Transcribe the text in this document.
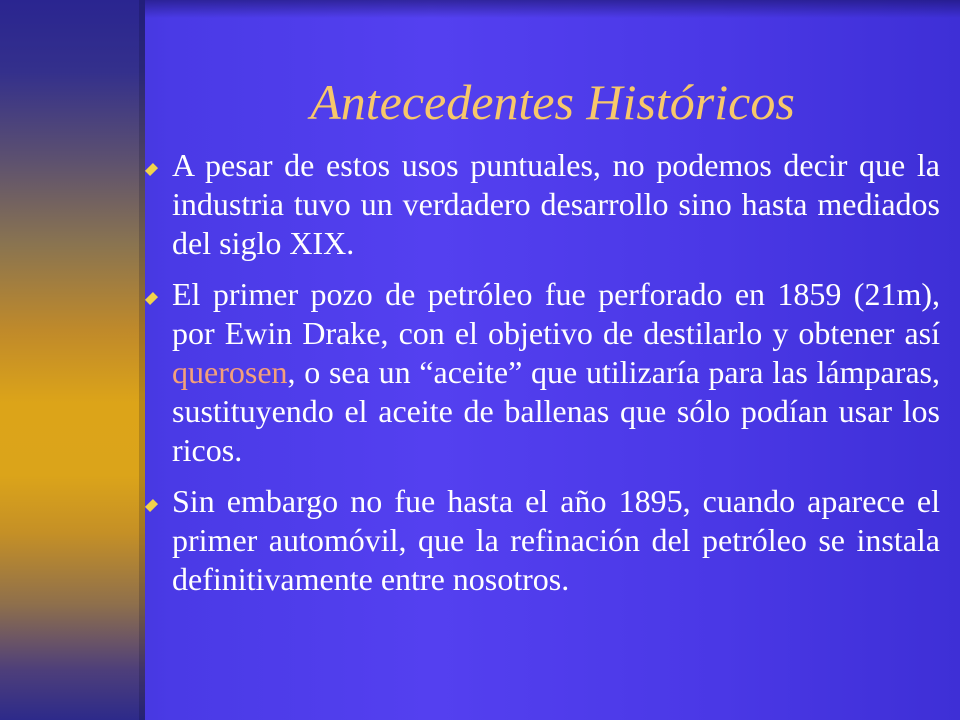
Antecedentes Históricos
A pesar de estos usos puntuales, no podemos decir que la industria tuvo un verdadero desarrollo sino hasta mediados del siglo XIX.
El primer pozo de petróleo fue perforado en 1859 (21m), por Ewin Drake, con el objetivo de destilarlo y obtener así querosen, o sea un “aceite” que utilizaría para las lámparas, sustituyendo el aceite de ballenas que sólo podían usar los ricos.
Sin embargo no fue hasta el año 1895, cuando aparece el primer automóvil, que la refinación del petróleo se instala definitivamente entre nosotros.
